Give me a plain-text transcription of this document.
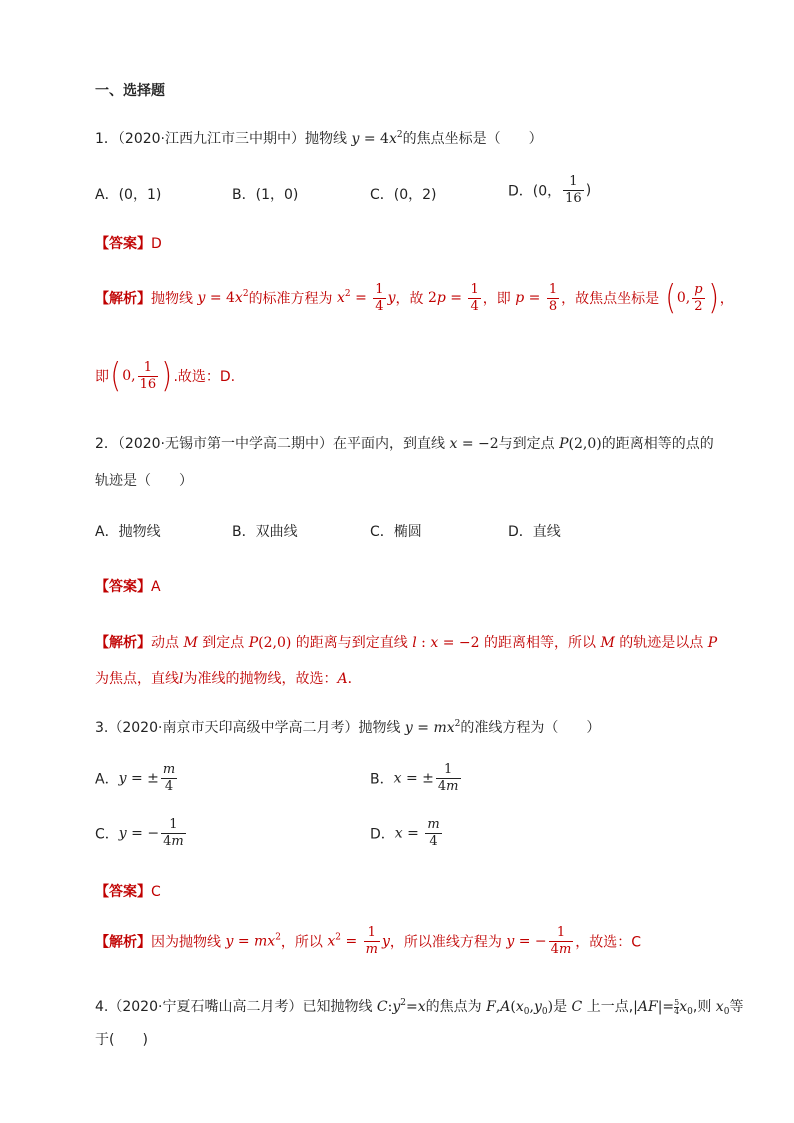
一、选择题
1．（2020·江西九江市三中期中）抛物线 $y = 4x^2$的焦点坐标是（　　）
A．(0，1)	B．(1，0)	C．(0，2)	D．(0， $\frac{1}{16}$ )
【答案】D
【解析】抛物线 $y = 4x^2$的标准方程为 $x^2 = \frac{1}{4}$ y，故 $2p = \frac{1}{4}$ ，即 $p = \frac{1}{8}$ ，故焦点坐标是 (0, $\frac{p}{2}$ )，
即(0, $\frac{1}{16}$ ).故选：D.
2．（2020·无锡市第一中学高二期中）在平面内，到直线 x = −2与到定点 P(2,0)的距离相等的点的
轨迹是（　　）
A．抛物线	B．双曲线	C．椭圆	D．直线
【答案】A
【解析】动点 M 到定点 P(2,0) 的距离与到定直线 l : x = −2 的距离相等，所以 M 的轨迹是以点 P
为焦点，直线l为准线的抛物线，故选：A．
3.（2020·南京市天印高级中学高二月考）抛物线 $y = mx^2$的准线方程为（　　）
A．y = ± $\frac{m}{4}$	B．x = ± $\frac{1}{4m}$
C．y = − $\frac{1}{4m}$	D．$x = \frac{m}{4}$
【答案】C
【解析】因为抛物线 $y = mx^2$，所以 $x^2 = \frac{1}{m}$ y，所以准线方程为 y = − $\frac{1}{4m}$ ，故选：C
4.（2020·宁夏石嘴山高二月考）已知抛物线 $C:y^2=x$的焦点为 $F,A(x_0,y_0)$是 C 上一点$,|AF|= \frac{5}{4} x_0$,则 $x_0$等
于(　　)
